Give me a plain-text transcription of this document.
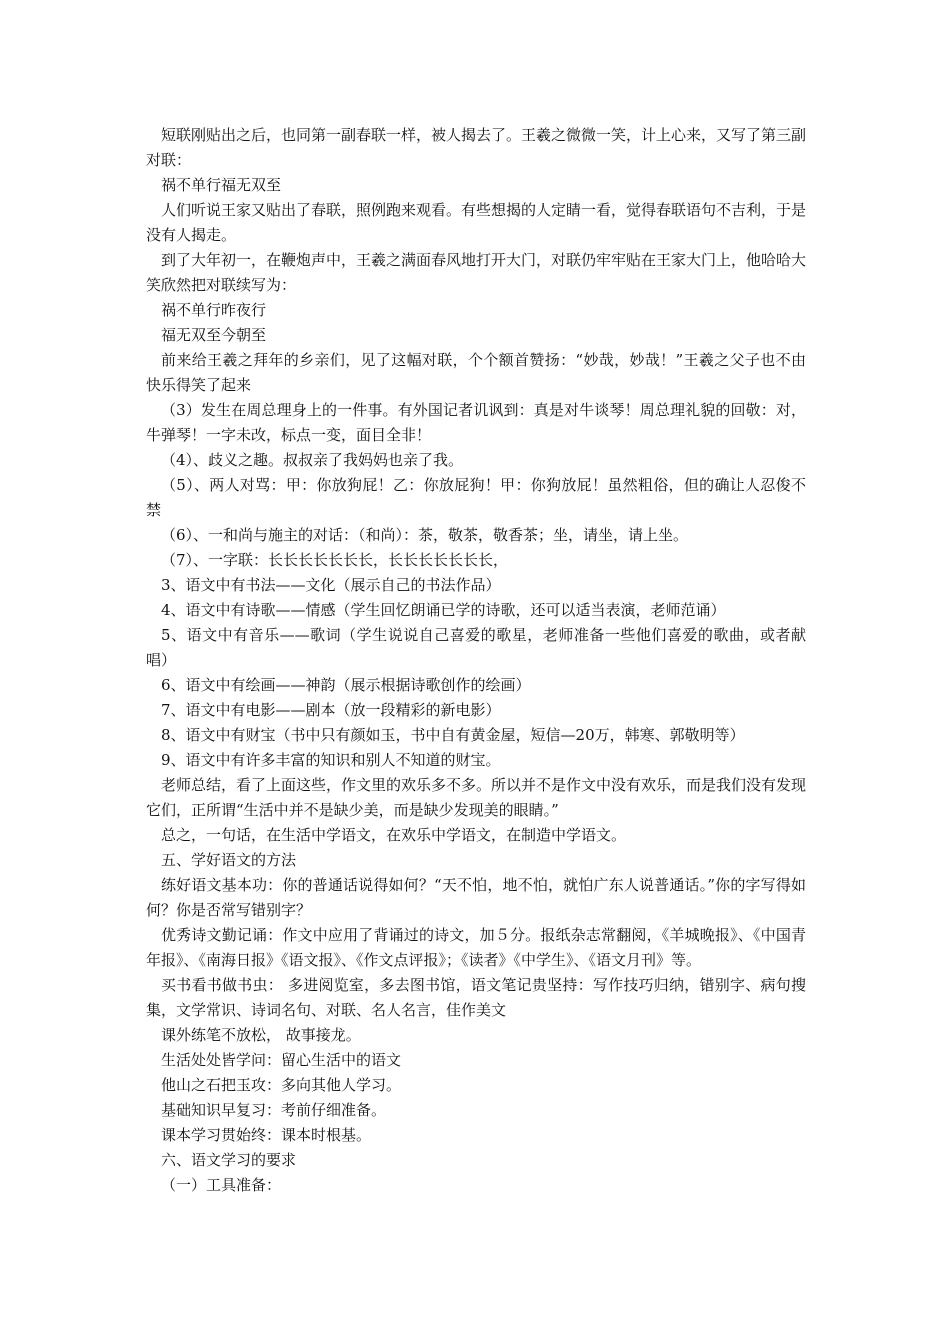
短联刚贴出之后，也同第一副春联一样，被人揭去了。王羲之微微一笑，计上心来，又写了第三副对联：

祸不单行福无双至

人们听说王家又贴出了春联，照例跑来观看。有些想揭的人定睛一看，觉得春联语句不吉利，于是没有人揭走。

到了大年初一，在鞭炮声中，王羲之满面春风地打开大门，对联仍牢牢贴在王家大门上，他哈哈大笑欣然把对联续写为：

祸不单行昨夜行

福无双至今朝至

前来给王羲之拜年的乡亲们，见了这幅对联，个个额首赞扬：“妙哉，妙哉！”王羲之父子也不由快乐得笑了起来

（3）发生在周总理身上的一件事。有外国记者讥讽到：真是对牛谈琴！周总理礼貌的回敬：对，牛弹琴！一字未改，标点一变，面目全非！

（4）、歧义之趣。叔叔亲了我妈妈也亲了我。

（5）、两人对骂：甲：你放狗屁！乙：你放屁狗！甲：你狗放屁！虽然粗俗，但的确让人忍俊不禁

（6）、一和尚与施主的对话：（和尚）：茶，敬茶，敬香茶；坐，请坐，请上坐。

（7）、一字联：长长长长长长长，长长长长长长长，

3、语文中有书法——文化（展示自己的书法作品）

4、语文中有诗歌——情感（学生回忆朗诵已学的诗歌，还可以适当表演，老师范诵）

5、语文中有音乐——歌词（学生说说自己喜爱的歌星，老师准备一些他们喜爱的歌曲，或者献唱）

6、语文中有绘画——神韵（展示根据诗歌创作的绘画）

7、语文中有电影——剧本（放一段精彩的新电影）

8、语文中有财宝（书中只有颜如玉，书中自有黄金屋，短信—20万，韩寒、郭敬明等）

9、语文中有许多丰富的知识和别人不知道的财宝。

老师总结，看了上面这些，作文里的欢乐多不多。所以并不是作文中没有欢乐，而是我们没有发现它们，正所谓“生活中并不是缺少美，而是缺少发现美的眼睛。”

总之，一句话，在生活中学语文，在欢乐中学语文，在制造中学语文。

五、学好语文的方法

练好语文基本功：你的普通话说得如何？“天不怕，地不怕，就怕广东人说普通话。”你的字写得如何？你是否常写错别字？

优秀诗文勤记诵：作文中应用了背诵过的诗文，加５分。报纸杂志常翻阅，《羊城晚报》、《中国青年报》、《南海日报》《语文报》、《作文点评报》；《读者》《中学生》、《语文月刊》等。

买书看书做书虫： 多进阅览室，多去图书馆，语文笔记贵坚持：写作技巧归纳，错别字、病句搜集，文学常识、诗词名句、对联、名人名言，佳作美文

课外练笔不放松， 故事接龙。

生活处处皆学问：留心生活中的语文

他山之石把玉攻：多向其他人学习。

基础知识早复习：考前仔细准备。

课本学习贯始终：课本时根基。

六、语文学习的要求

（一）工具准备：
